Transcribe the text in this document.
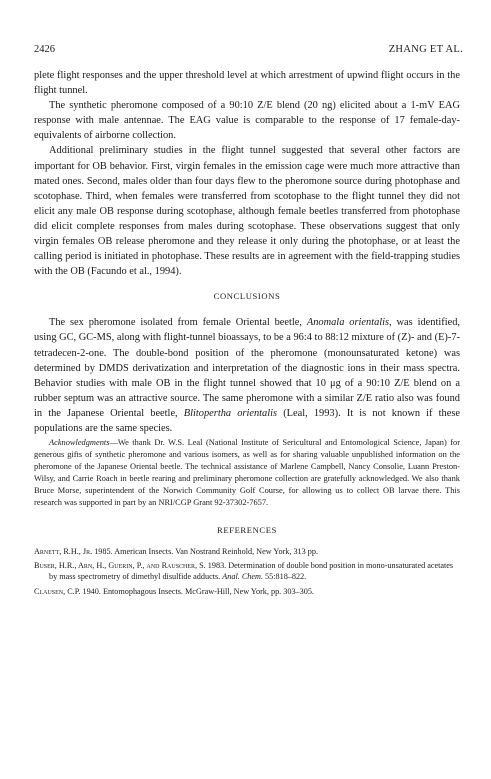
2426	ZHANG ET AL.

plete flight responses and the upper threshold level at which arrestment of upwind flight occurs in the flight tunnel.

The synthetic pheromone composed of a 90:10 Z/E blend (20 ng) elicited about a 1-mV EAG response with male antennae. The EAG value is comparable to the response of 17 female-day-equivalents of airborne collection.

Additional preliminary studies in the flight tunnel suggested that several other factors are important for OB behavior. First, virgin females in the emission cage were much more attractive than mated ones. Second, males older than four days flew to the pheromone source during photophase and scotophase. Third, when females were transferred from scotophase to the flight tunnel they did not elicit any male OB response during scotophase, although female beetles transferred from photophase did elicit complete responses from males during scotophase. These observations suggest that only virgin females OB release pheromone and they release it only during the photophase, or at least the calling period is initiated in photophase. These results are in agreement with the field-trapping studies with the OB (Facundo et al., 1994).

CONCLUSIONS

The sex pheromone isolated from female Oriental beetle, Anomala orientalis, was identified, using GC, GC-MS, along with flight-tunnel bioassays, to be a 96:4 to 88:12 mixture of (Z)- and (E)-7-tetradecen-2-one. The double-bond position of the pheromone (monounsaturated ketone) was determined by DMDS derivatization and interpretation of the diagnostic ions in their mass spectra. Behavior studies with male OB in the flight tunnel showed that 10 μg of a 90:10 Z/E blend on a rubber septum was an attractive source. The same pheromone with a similar Z/E ratio also was found in the Japanese Oriental beetle, Blitopertha orientalis (Leal, 1993). It is not known if these populations are the same species.

Acknowledgments—We thank Dr. W.S. Leal (National Institute of Sericultural and Entomological Science, Japan) for generous gifts of synthetic pheromone and various isomers, as well as for sharing valuable unpublished information on the pheromone of the Japanese Oriental beetle. The technical assistance of Marlene Campbell, Nancy Consolie, Luann Preston-Wilsy, and Carrie Roach in beetle rearing and preliminary pheromone collection are gratefully acknowledged. We also thank Bruce Morse, superintendent of the Norwich Community Golf Course, for allowing us to collect OB larvae there. This research was supported in part by an NRI/CGP Grant 92-37302-7657.

REFERENCES

Arnett, R.H., Jr. 1985. American Insects. Van Nostrand Reinhold, New York, 313 pp.

Buser, H.R., Arn, H., Guerin, P., and Rauscher, S. 1983. Determination of double bond position in mono-unsaturated acetates by mass spectrometry of dimethyl disulfide adducts. Anal. Chem. 55:818–822.

Clausen, C.P. 1940. Entomophagous Insects. McGraw-Hill, New York, pp. 303–305.
